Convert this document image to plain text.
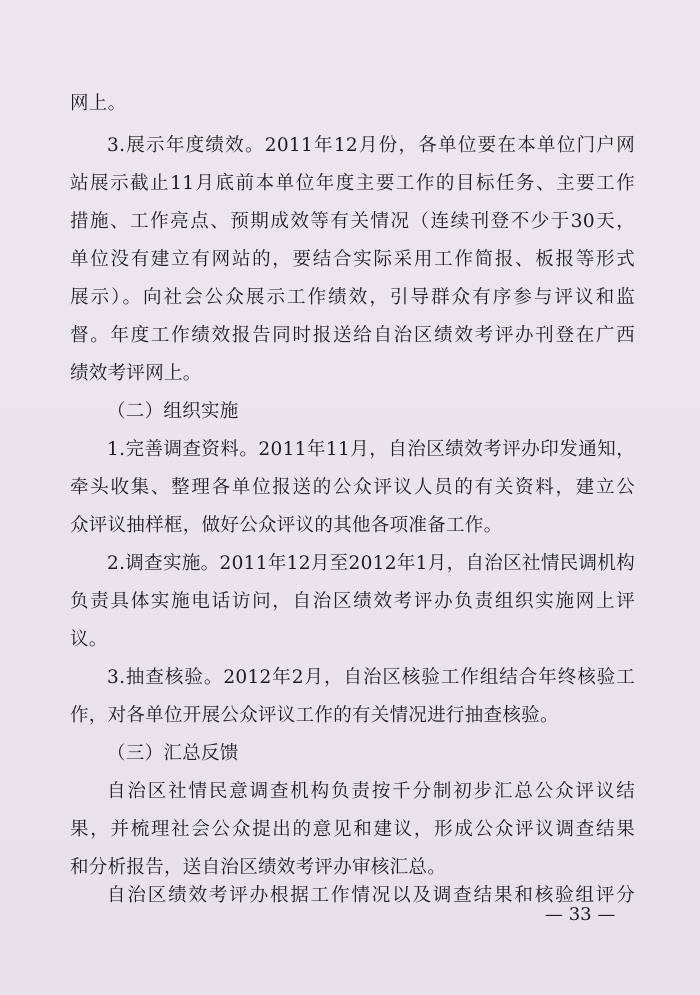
网上。
3.展示年度绩效。2011年12月份，各单位要在本单位门户网
站展示截止11月底前本单位年度主要工作的目标任务、主要工作
措施、工作亮点、预期成效等有关情况（连续刊登不少于30天，
单位没有建立有网站的，要结合实际采用工作简报、板报等形式
展示）。向社会公众展示工作绩效，引导群众有序参与评议和监
督。年度工作绩效报告同时报送给自治区绩效考评办刊登在广西
绩效考评网上。
（二）组织实施
1.完善调查资料。2011年11月，自治区绩效考评办印发通知，
牵头收集、整理各单位报送的公众评议人员的有关资料，建立公
众评议抽样框，做好公众评议的其他各项准备工作。
2.调查实施。2011年12月至2012年1月，自治区社情民调机构
负责具体实施电话访问，自治区绩效考评办负责组织实施网上评
议。
3.抽查核验。2012年2月，自治区核验工作组结合年终核验工
作，对各单位开展公众评议工作的有关情况进行抽查核验。
（三）汇总反馈
自治区社情民意调查机构负责按千分制初步汇总公众评议结
果，并梳理社会公众提出的意见和建议，形成公众评议调查结果
和分析报告，送自治区绩效考评办审核汇总。
自治区绩效考评办根据工作情况以及调查结果和核验组评分
— 33 —
